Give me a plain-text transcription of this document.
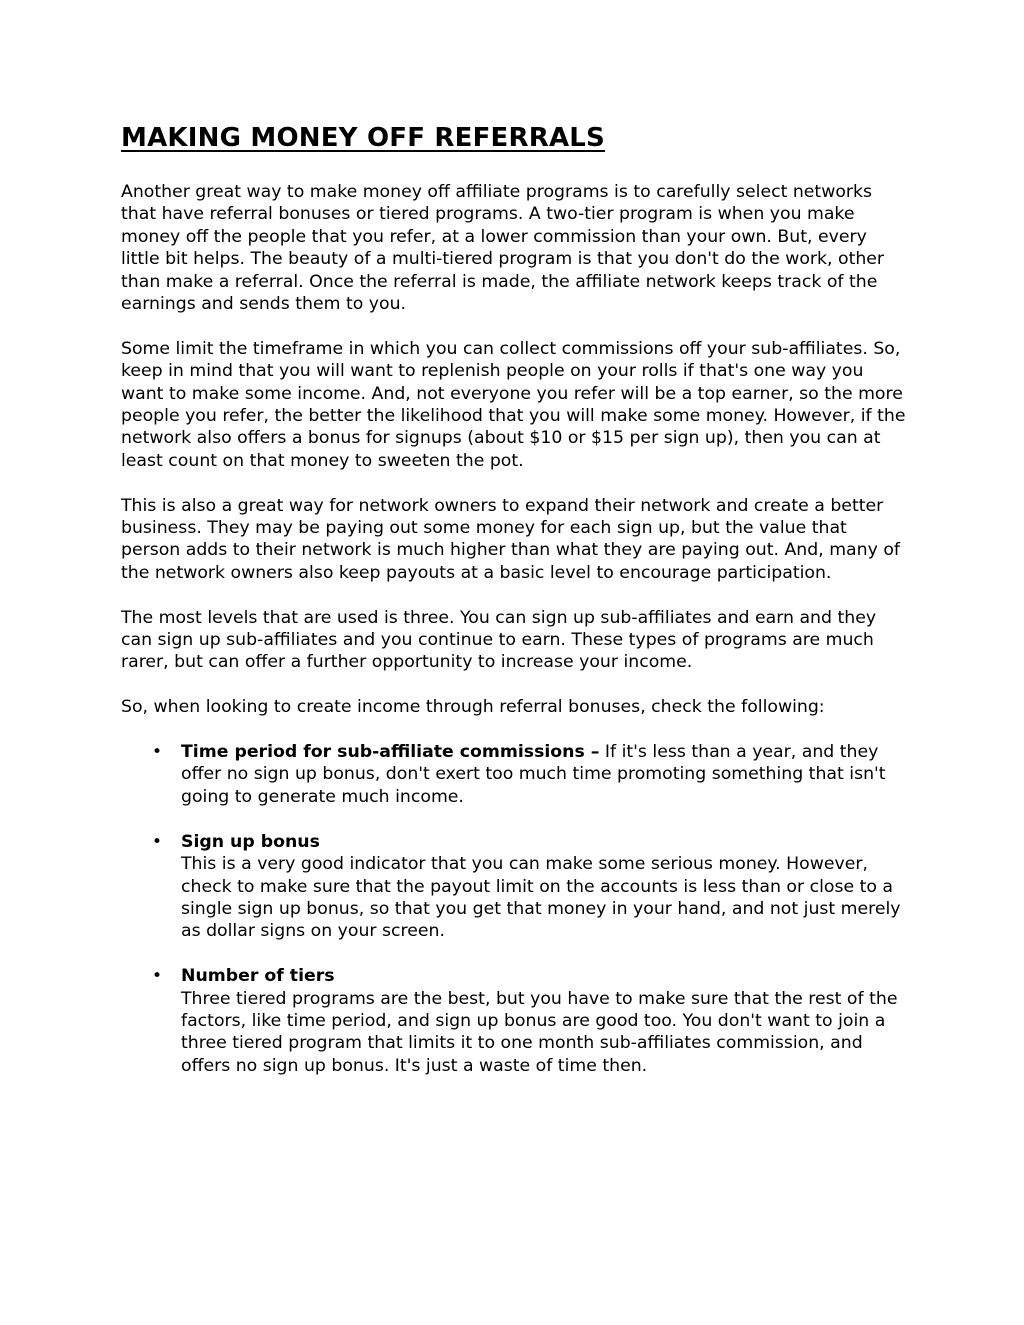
MAKING MONEY OFF REFERRALS

Another great way to make money off affiliate programs is to carefully select networks that have referral bonuses or tiered programs. A two-tier program is when you make money off the people that you refer, at a lower commission than your own. But, every little bit helps. The beauty of a multi-tiered program is that you don't do the work, other than make a referral. Once the referral is made, the affiliate network keeps track of the earnings and sends them to you.

Some limit the timeframe in which you can collect commissions off your sub-affiliates. So, keep in mind that you will want to replenish people on your rolls if that's one way you want to make some income. And, not everyone you refer will be a top earner, so the more people you refer, the better the likelihood that you will make some money. However, if the network also offers a bonus for signups (about $10 or $15 per sign up), then you can at least count on that money to sweeten the pot.

This is also a great way for network owners to expand their network and create a better business. They may be paying out some money for each sign up, but the value that person adds to their network is much higher than what they are paying out. And, many of the network owners also keep payouts at a basic level to encourage participation.

The most levels that are used is three. You can sign up sub-affiliates and earn and they can sign up sub-affiliates and you continue to earn. These types of programs are much rarer, but can offer a further opportunity to increase your income.

So, when looking to create income through referral bonuses, check the following:

• Time period for sub-affiliate commissions – If it's less than a year, and they offer no sign up bonus, don't exert too much time promoting something that isn't going to generate much income.
• Sign up bonus
This is a very good indicator that you can make some serious money. However, check to make sure that the payout limit on the accounts is less than or close to a single sign up bonus, so that you get that money in your hand, and not just merely as dollar signs on your screen.
• Number of tiers
Three tiered programs are the best, but you have to make sure that the rest of the factors, like time period, and sign up bonus are good too. You don't want to join a three tiered program that limits it to one month sub-affiliates commission, and offers no sign up bonus. It's just a waste of time then.
